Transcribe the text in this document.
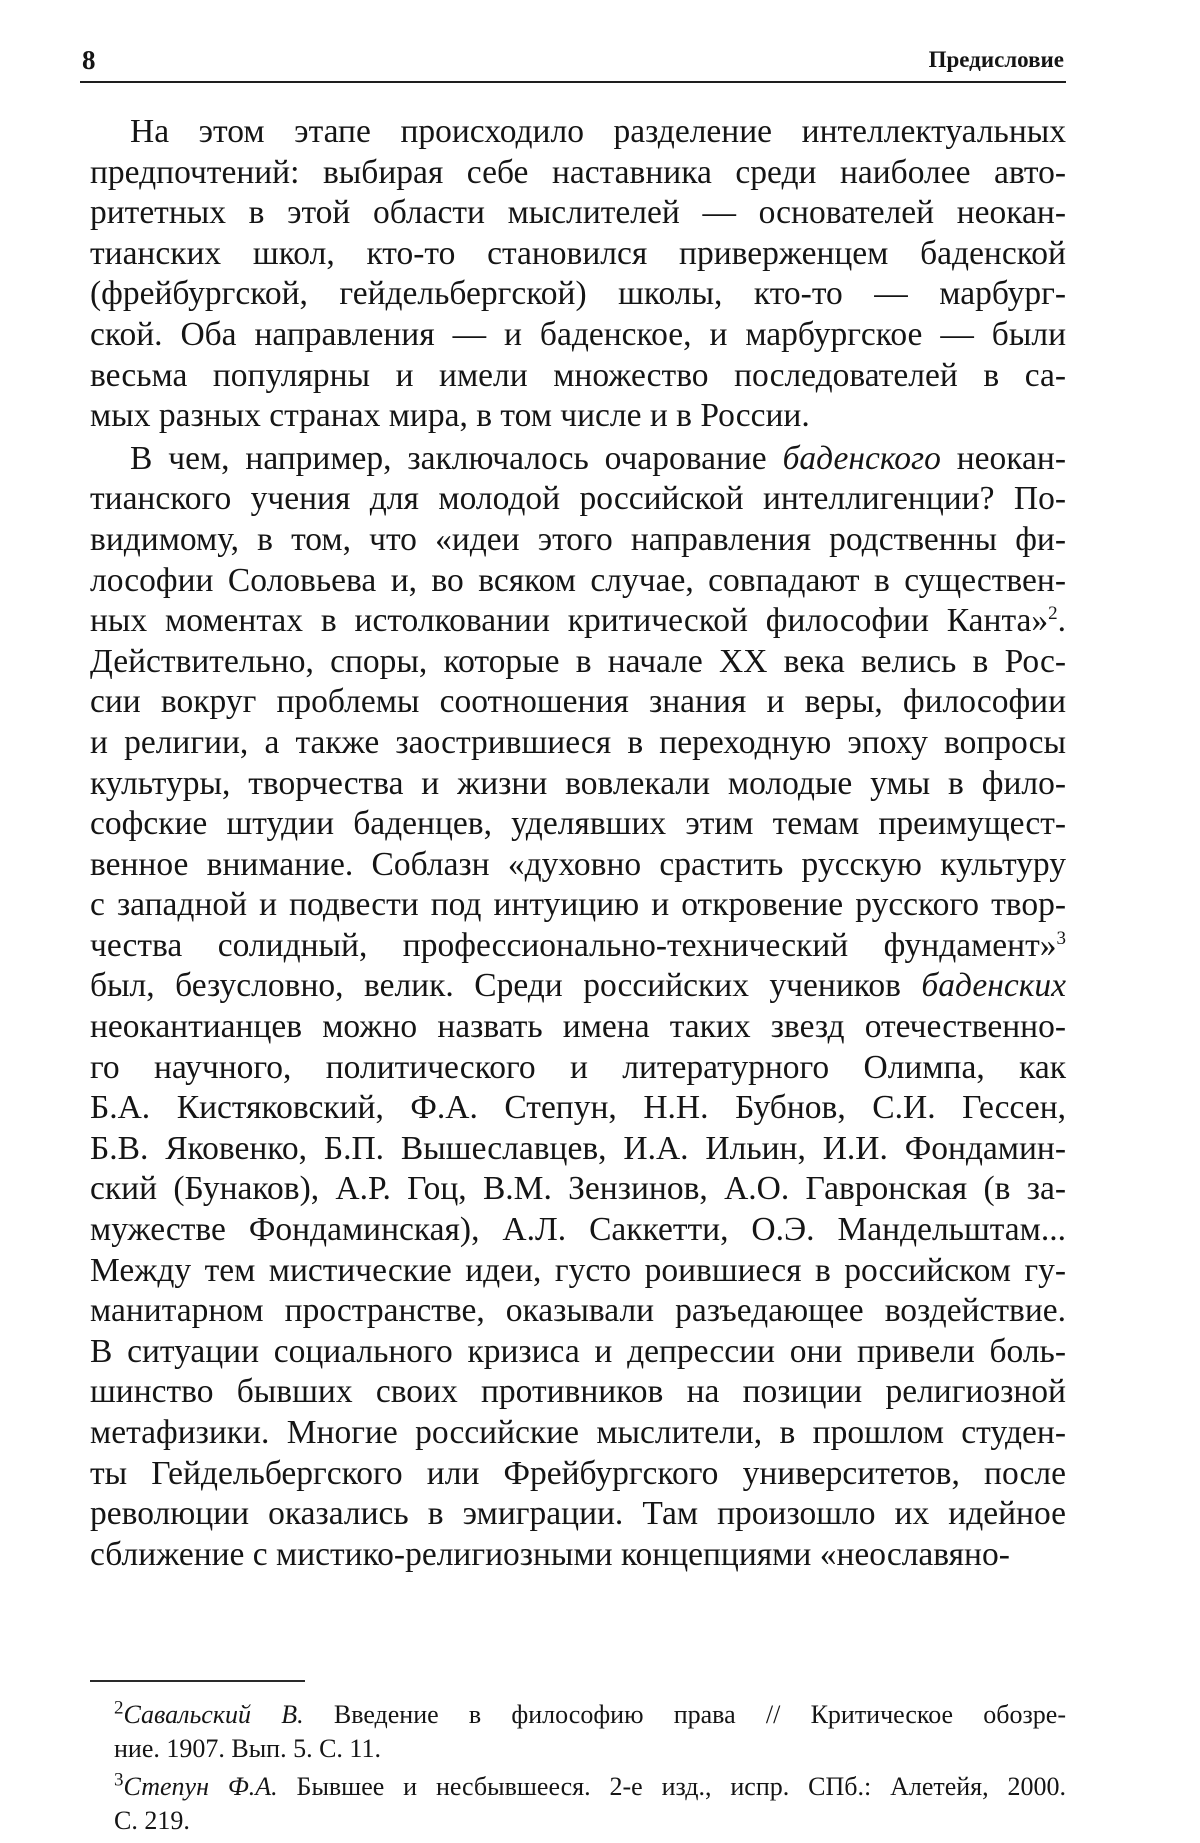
8	Предисловие
На этом этапе происходило разделение интеллектуальных
предпочтений: выбирая себе наставника среди наиболее авто-
ритетных в этой области мыслителей — основателей неокан-
тианских школ, кто-то становился приверженцем баденской
(фрейбургской, гейдельбергской) школы, кто-то — марбург-
ской. Оба направления — и баденское, и марбургское — были
весьма популярны и имели множество последователей в са-
мых разных странах мира, в том числе и в России.
В чем, например, заключалось очарование баденского неокан-
тианского учения для молодой российской интеллигенции? По-
видимому, в том, что «идеи этого направления родственны фи-
лософии Соловьева и, во всяком случае, совпадают в существен-
ных моментах в истолковании критической философии Канта»$^2$.
Действительно, споры, которые в начале XX века велись в Рос-
сии вокруг проблемы соотношения знания и веры, философии
и религии, а также заострившиеся в переходную эпоху вопросы
культуры, творчества и жизни вовлекали молодые умы в фило-
софские штудии баденцев, уделявших этим темам преимущест-
венное внимание. Соблазн «духовно срастить русскую культуру
с западной и подвести под интуицию и откровение русского твор-
чества солидный, профессионально-технический фундамент»$^3$
был, безусловно, велик. Среди российских учеников баденских
неокантианцев можно назвать имена таких звезд отечественно-
го научного, политического и литературного Олимпа, как
Б.А. Кистяковский, Ф.А. Степун, Н.Н. Бубнов, С.И. Гессен,
Б.В. Яковенко, Б.П. Вышеславцев, И.А. Ильин, И.И. Фондамин-
ский (Бунаков), А.Р. Гоц, В.М. Зензинов, А.О. Гавронская (в за-
мужестве Фондаминская), А.Л. Саккетти, О.Э. Мандельштам...
Между тем мистические идеи, густо роившиеся в российском гу-
манитарном пространстве, оказывали разъедающее воздействие.
В ситуации социального кризиса и депрессии они привели боль-
шинство бывших своих противников на позиции религиозной
метафизики. Многие российские мыслители, в прошлом студен-
ты Гейдельбергского или Фрейбургского университетов, после
революции оказались в эмиграции. Там произошло их идейное
сближение с мистико-религиозными концепциями «неославяно-
$^2$Савальский В. Введение в философию права // Критическое обозре-
ние. 1907. Вып. 5. С. 11.
$^3$Степун Ф.А. Бывшее и несбывшееся. 2-е изд., испр. СПб.: Алетейя, 2000.
С. 219.
